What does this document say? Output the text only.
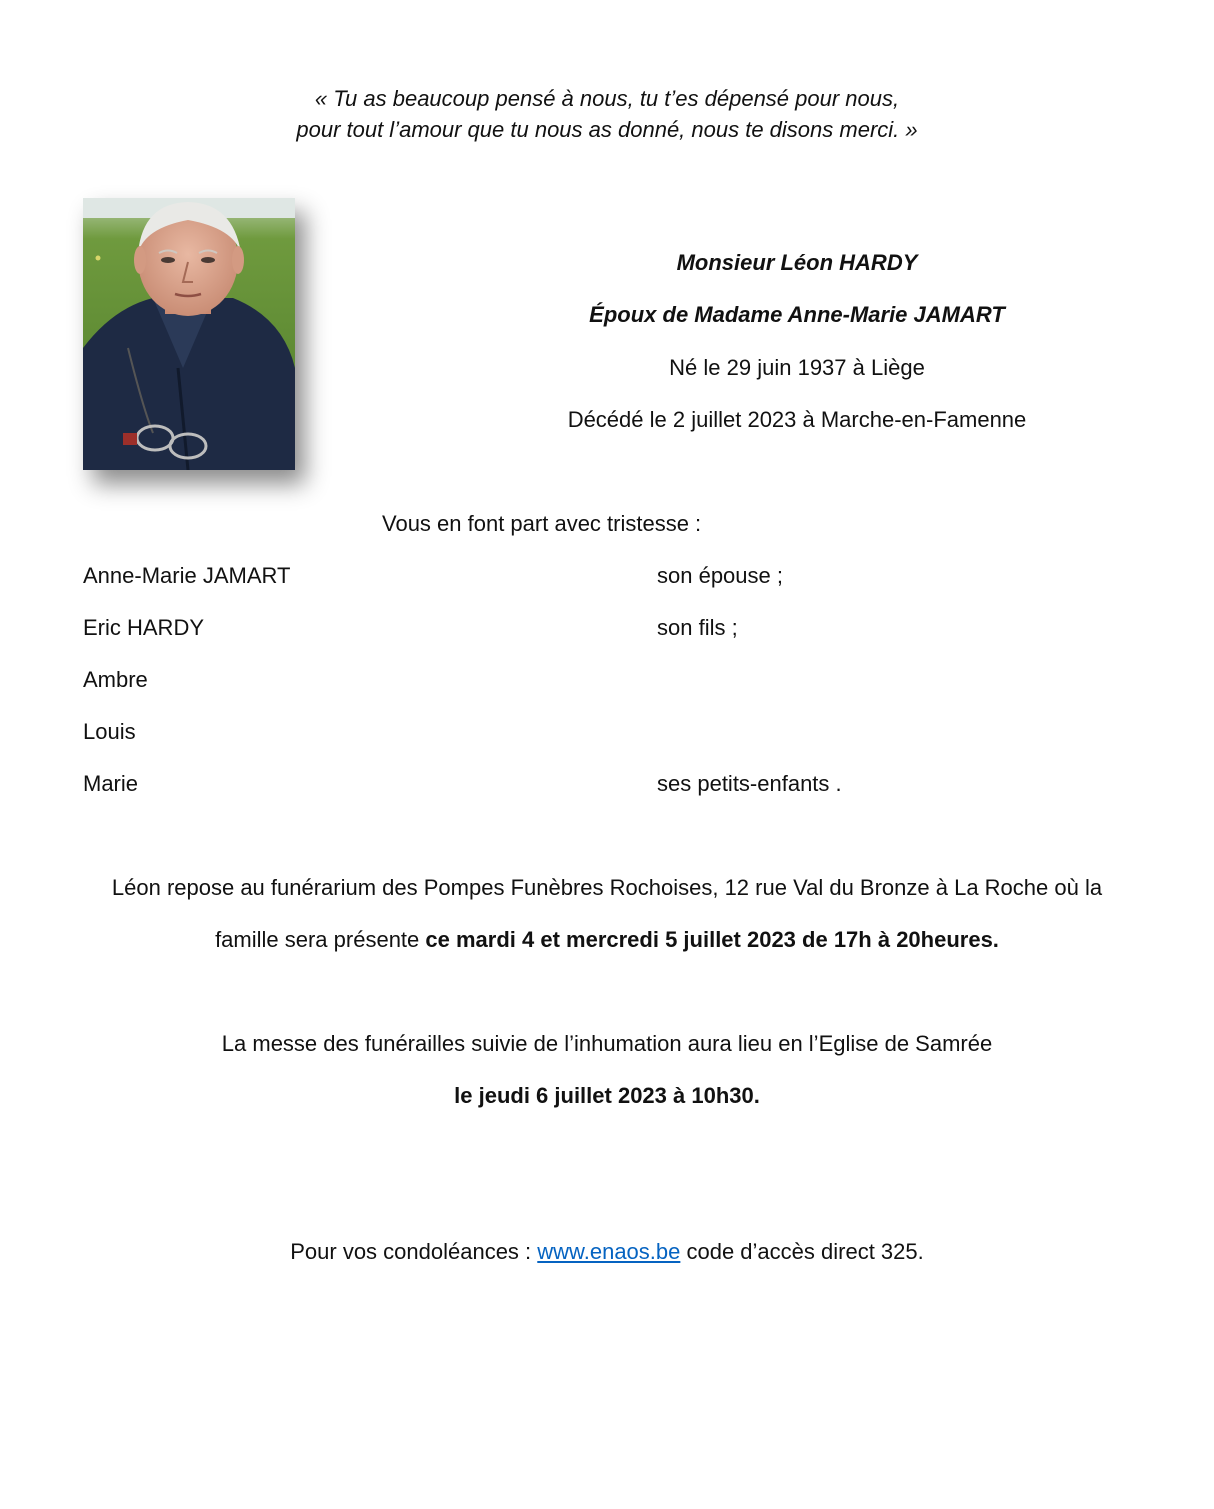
« Tu as beaucoup pensé à nous, tu t’es dépensé pour nous,
pour tout l’amour que tu nous as donné, nous te disons merci. »
Monsieur Léon HARDY
Époux de Madame Anne-Marie JAMART
Né le 29 juin 1937 à Liège
Décédé le 2 juillet 2023 à Marche-en-Famenne
Vous en font part avec tristesse :
Anne-Marie JAMART	son épouse ;
Eric HARDY	son fils ;
Ambre
Louis
Marie	ses petits-enfants .
Léon repose au funérarium des Pompes Funèbres Rochoises, 12 rue Val du Bronze à La Roche où la
famille sera présente ce mardi 4 et mercredi 5 juillet 2023 de 17h à 20heures.
La messe des funérailles suivie de l’inhumation aura lieu en l’Eglise de Samrée
le jeudi 6 juillet 2023 à 10h30.
Pour vos condoléances : www.enaos.be code d’accès direct 325.
